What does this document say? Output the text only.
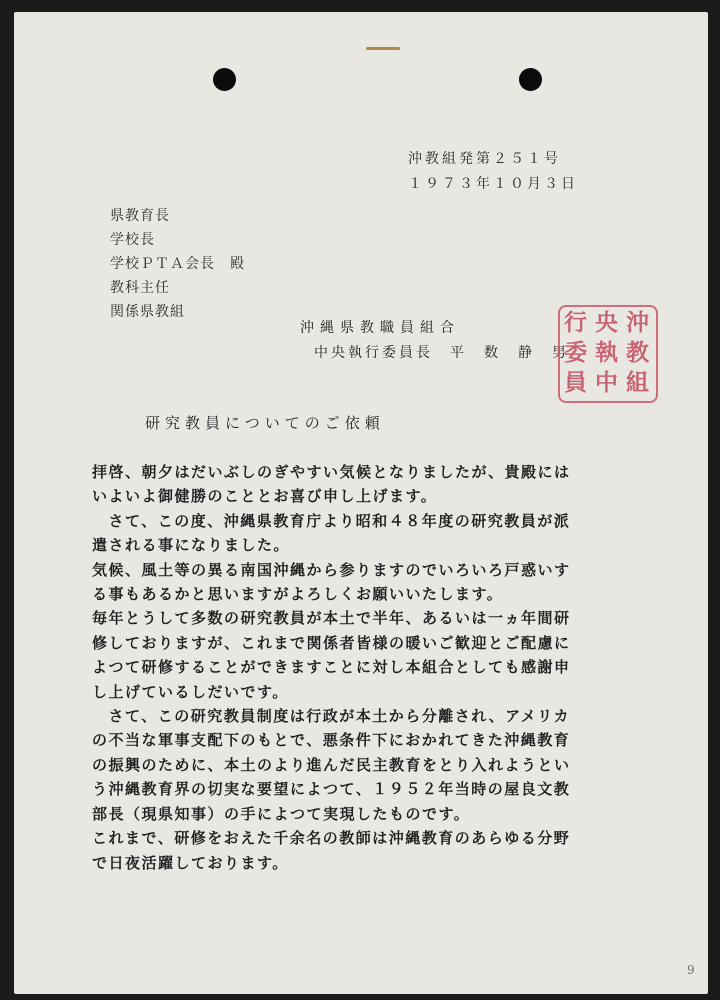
沖教組発第２５１号
１９７３年１０月３日
県教育長
学校長
学校ＰＴＡ会長　殿
教科主任
関係県教組
沖縄県教職員組合
中央執行委員長　 平　数　静　男
沖
教
組
中
央
執
行
委
員
研究教員についてのご依頼
拝啓、朝夕はだいぶしのぎやすい気候となりましたが、貴殿には
いよいよ御健勝のこととお喜び申し上げます。
　さて、この度、沖縄県教育庁より昭和４８年度の研究教員が派
遣される事になりました。
気候、風土等の異る南国沖縄から参りますのでいろいろ戸惑いす
る事もあるかと思いますがよろしくお願いいたします。
毎年とうして多数の研究教員が本土で半年、あるいは一ヵ年間研
修しておりますが、これまで関係者皆様の暖いご歓迎とご配慮に
よつて研修することができますことに対し本組合としても感謝申
し上げているしだいです。
　さて、この研究教員制度は行政が本土から分離され、アメリカ
の不当な軍事支配下のもとで、悪条件下におかれてきた沖縄教育
の振興のために、本土のより進んだ民主教育をとり入れようとい
う沖縄教育界の切実な要望によつて、１９５２年当時の屋良文教
部長（現県知事）の手によつて実現したものです。
これまで、研修をおえた千余名の教師は沖縄教育のあらゆる分野
で日夜活躍しております。
9
